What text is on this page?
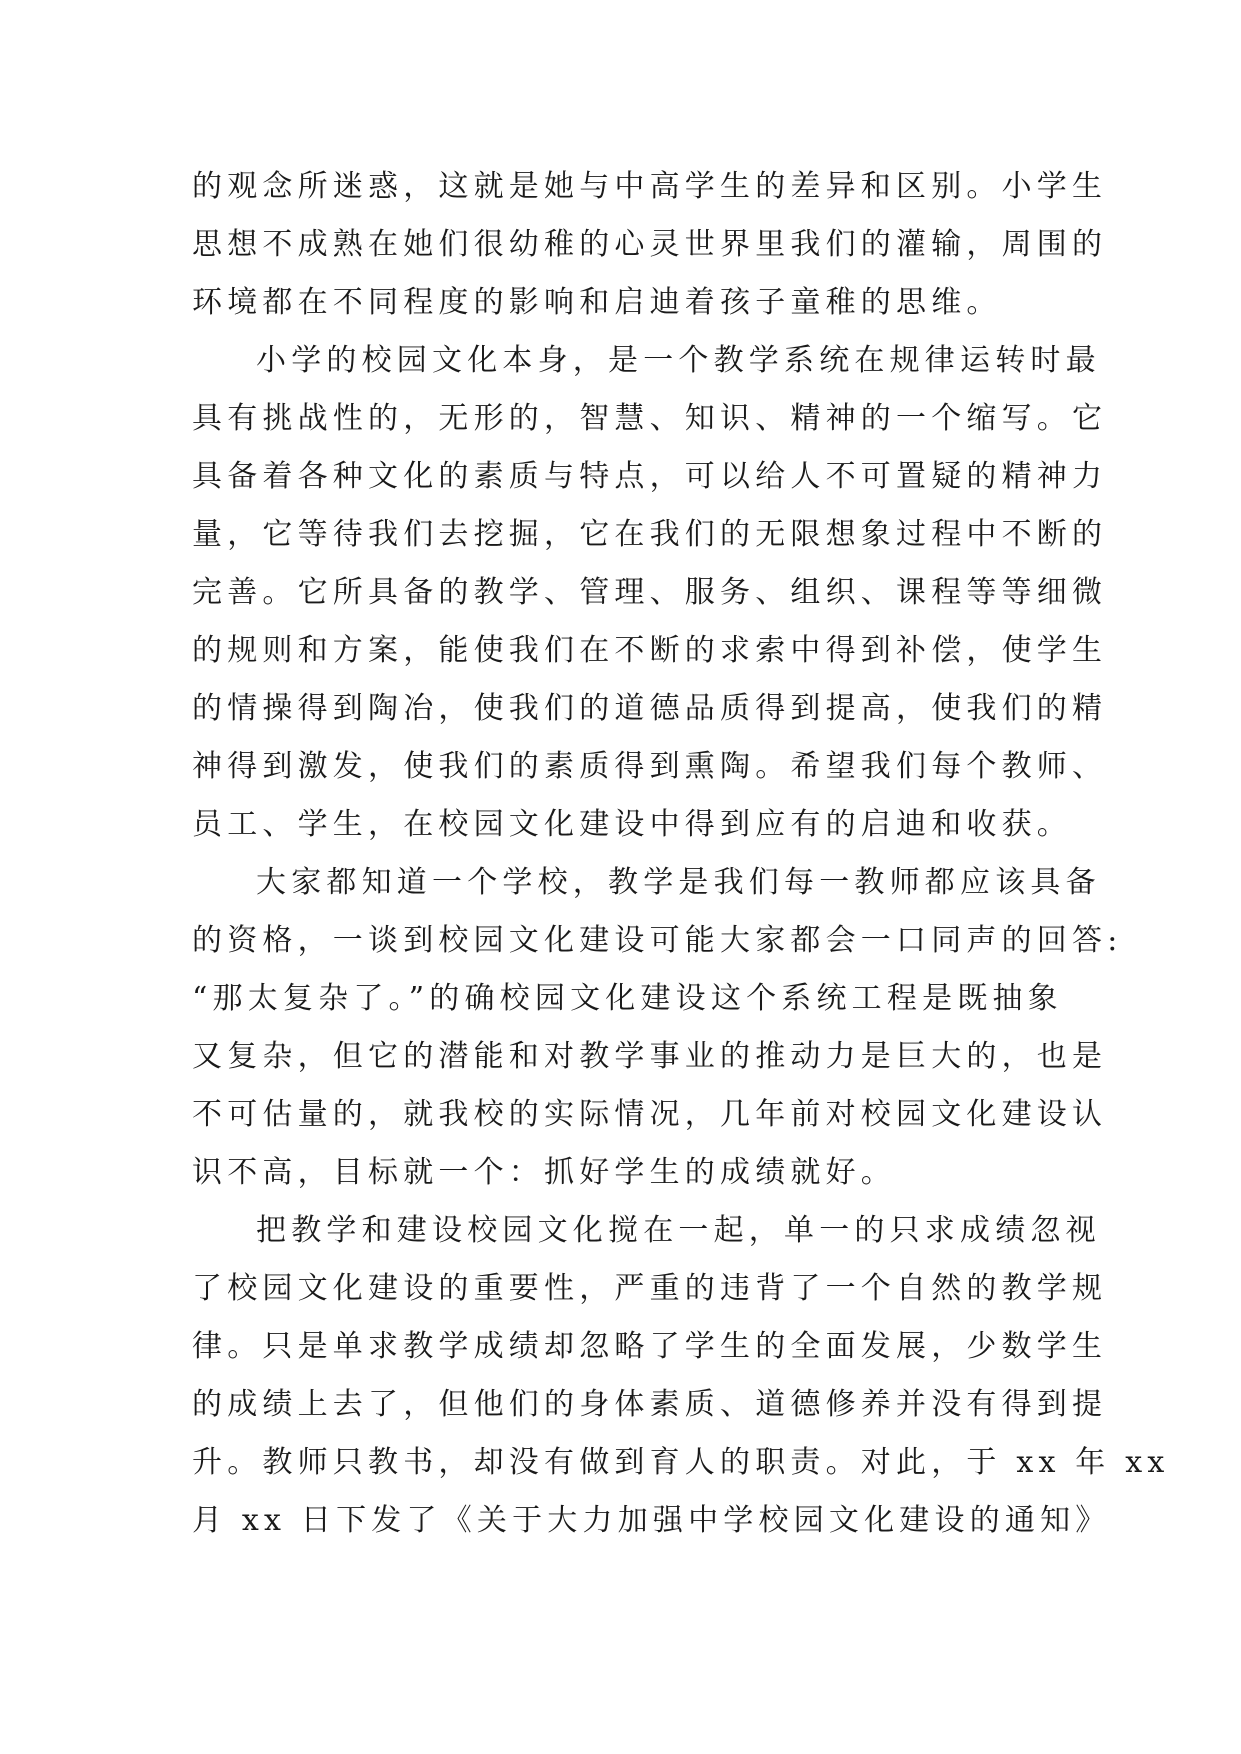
的观念所迷惑，这就是她与中高学生的差异和区别。小学生
思想不成熟在她们很幼稚的心灵世界里我们的灌输，周围的
环境都在不同程度的影响和启迪着孩子童稚的思维。
小学的校园文化本身，是一个教学系统在规律运转时最
具有挑战性的，无形的，智慧、知识、精神的一个缩写。它
具备着各种文化的素质与特点，可以给人不可置疑的精神力
量，它等待我们去挖掘，它在我们的无限想象过程中不断的
完善。它所具备的教学、管理、服务、组织、课程等等细微
的规则和方案，能使我们在不断的求索中得到补偿，使学生
的情操得到陶冶，使我们的道德品质得到提高，使我们的精
神得到激发，使我们的素质得到熏陶。希望我们每个教师、
员工、学生，在校园文化建设中得到应有的启迪和收获。
大家都知道一个学校，教学是我们每一教师都应该具备
的资格，一谈到校园文化建设可能大家都会一口同声的回答:
“那太复杂了。”的确校园文化建设这个系统工程是既抽象
又复杂，但它的潜能和对教学事业的推动力是巨大的，也是
不可估量的，就我校的实际情况，几年前对校园文化建设认
识不高，目标就一个：抓好学生的成绩就好。
把教学和建设校园文化搅在一起，单一的只求成绩忽视
了校园文化建设的重要性，严重的违背了一个自然的教学规
律。只是单求教学成绩却忽略了学生的全面发展，少数学生
的成绩上去了，但他们的身体素质、道德修养并没有得到提
升。教师只教书，却没有做到育人的职责。对此，于 xx 年 xx
月 xx 日下发了《关于大力加强中学校园文化建设的通知》
